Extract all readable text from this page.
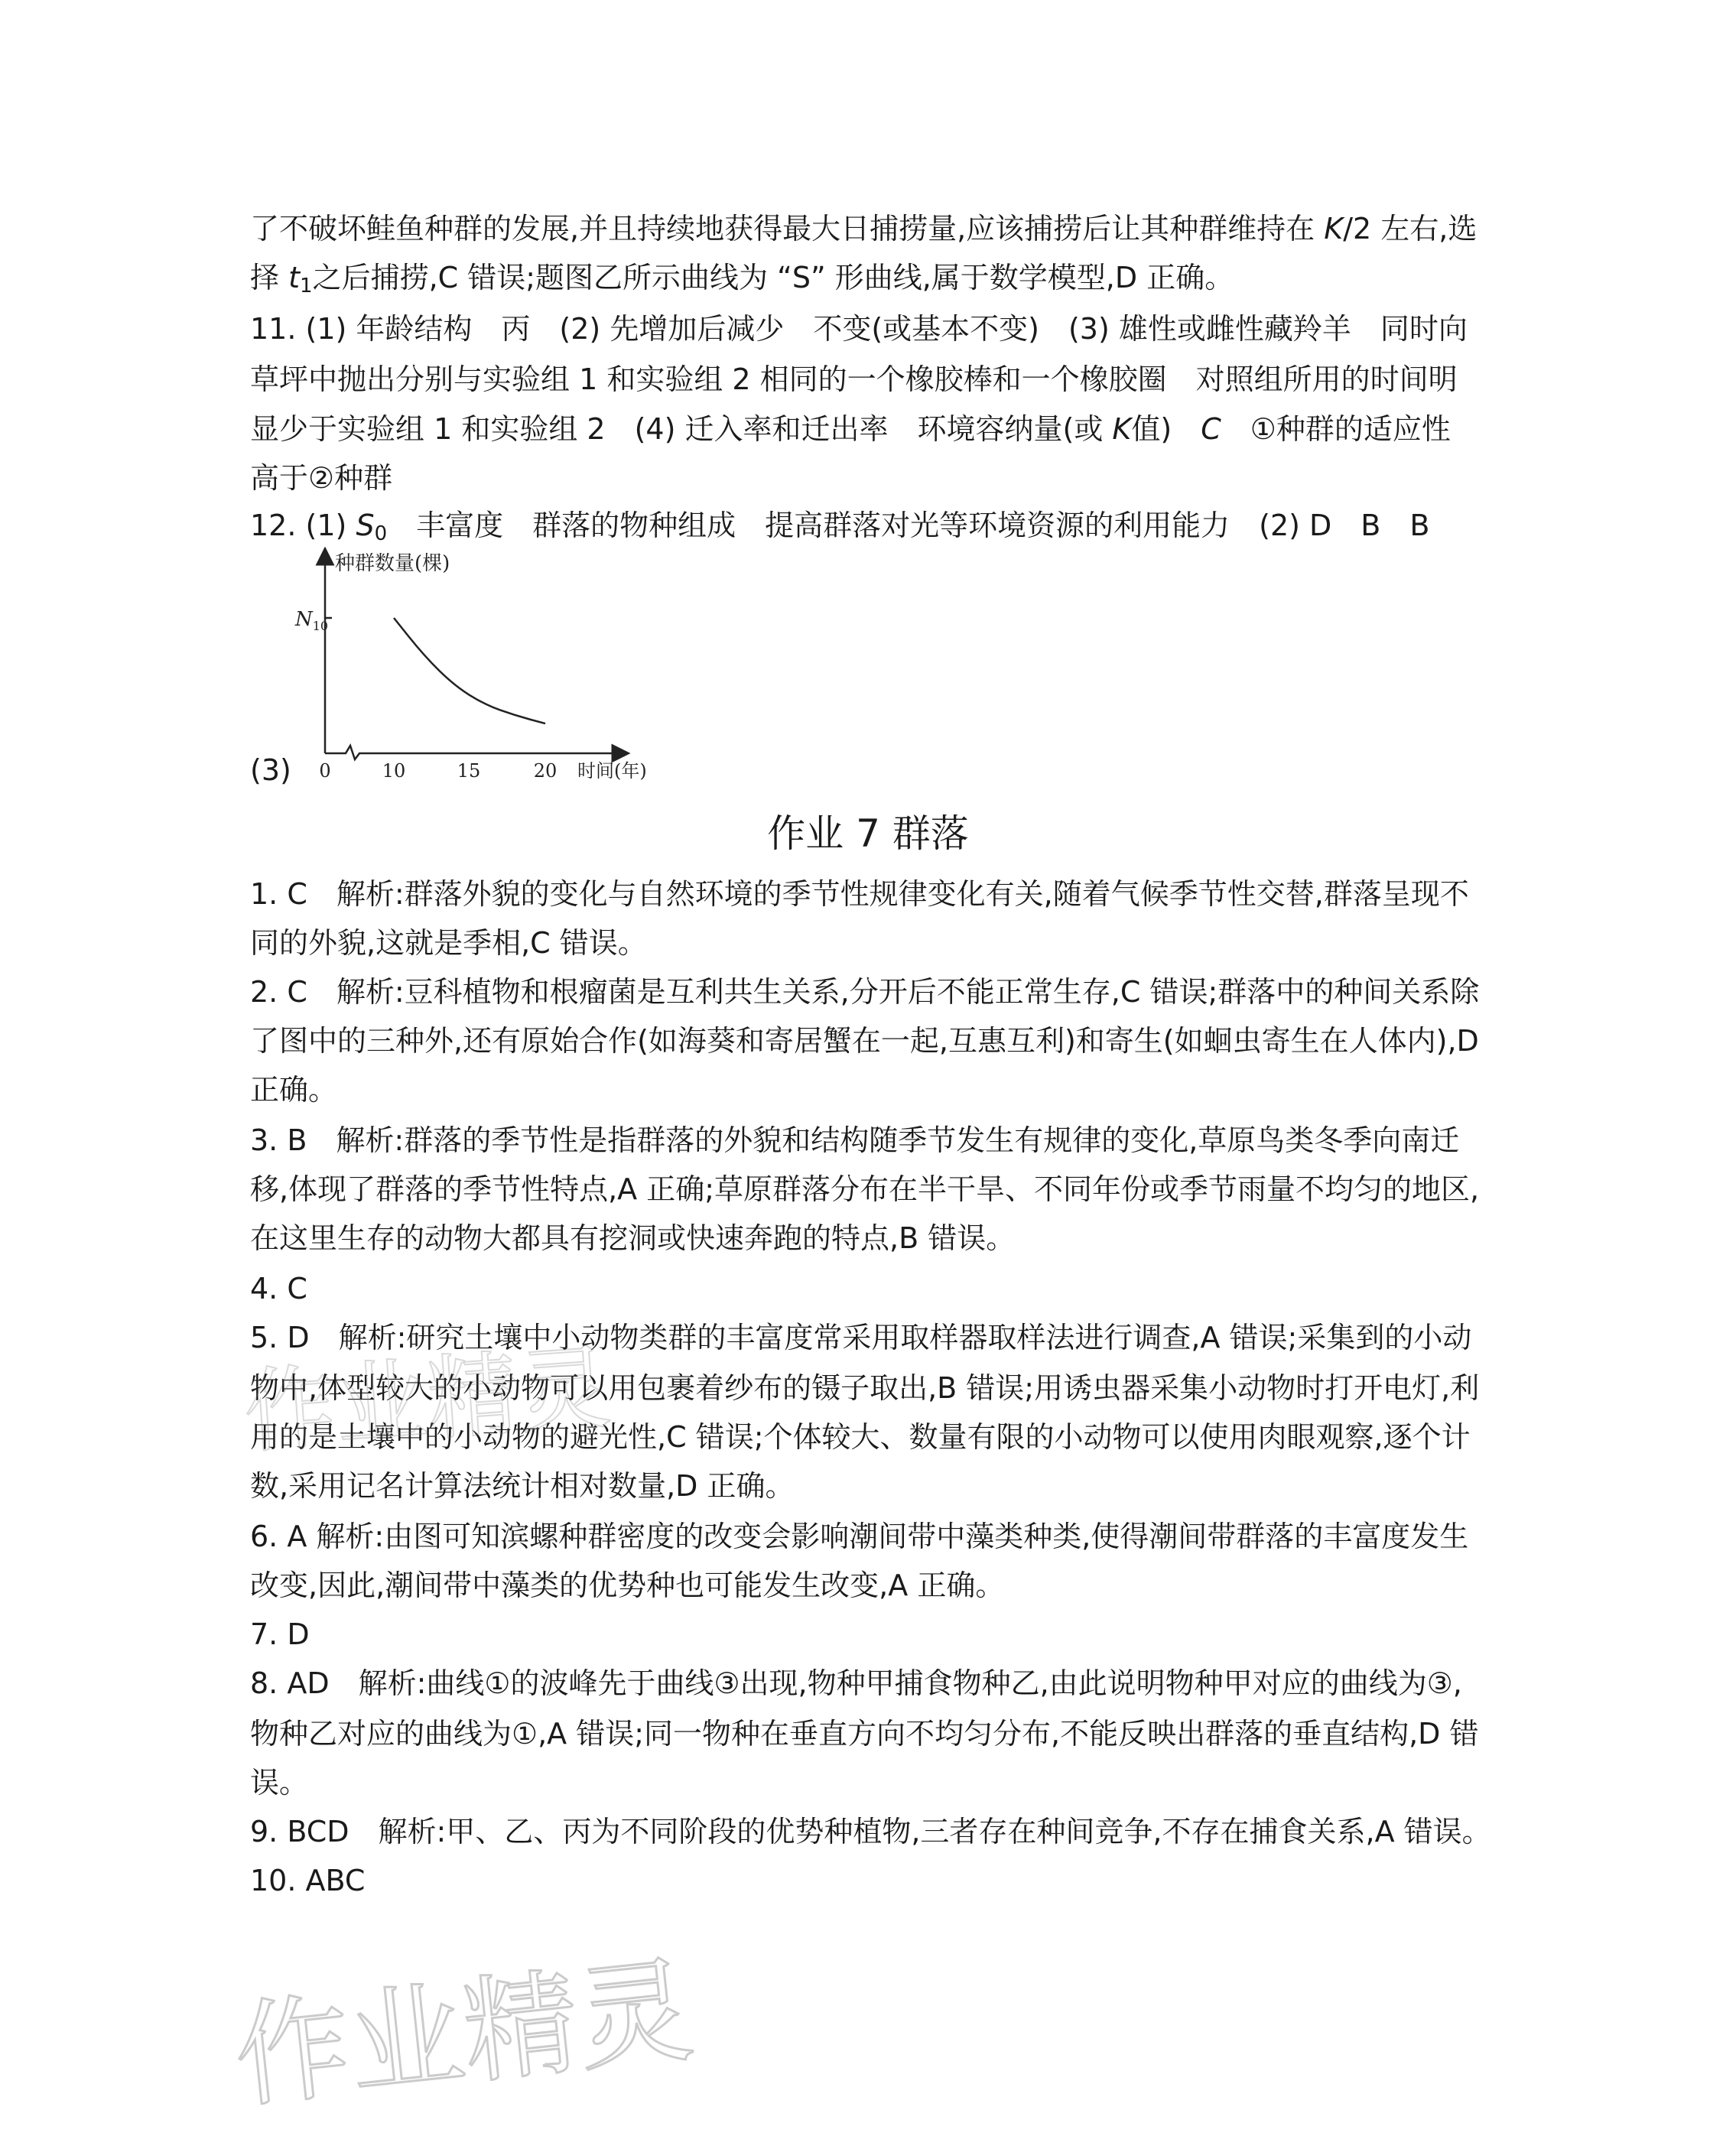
了不破坏鲑鱼种群的发展,并且持续地获得最大日捕捞量,应该捕捞后让其种群维持在 K/2 左右,选
择 $t_1$之后捕捞,C 错误;题图乙所示曲线为 “S” 形曲线,属于数学模型,D 正确。
11. (1) 年龄结构　丙　(2) 先增加后减少　不变(或基本不变)　(3) 雄性或雌性藏羚羊　同时向
草坪中抛出分别与实验组 1 和实验组 2 相同的一个橡胶棒和一个橡胶圈　对照组所用的时间明
显少于实验组 1 和实验组 2　(4) 迁入率和迁出率　环境容纳量(或 K值)　 C　 ①种群的适应性
高于②种群
12. (1) $S_0$　 丰富度　群落的物种组成　提高群落对光等环境资源的利用能力　(2) D　B　B
(3)
种群数量(棵)
$N_{10}$
0	10	15	20 时间(年)
作业 7 群落
1. C　解析:群落外貌的变化与自然环境的季节性规律变化有关,随着气候季节性交替,群落呈现不
同的外貌,这就是季相,C 错误。
2. C　解析:豆科植物和根瘤菌是互利共生关系,分开后不能正常生存,C 错误;群落中的种间关系除
了图中的三种外,还有原始合作(如海葵和寄居蟹在一起,互惠互利)和寄生(如蛔虫寄生在人体内),D
正确。
3. B　解析:群落的季节性是指群落的外貌和结构随季节发生有规律的变化,草原鸟类冬季向南迁
移,体现了群落的季节性特点,A 正确;草原群落分布在半干旱、不同年份或季节雨量不均匀的地区,
在这里生存的动物大都具有挖洞或快速奔跑的特点,B 错误。
4. C
5. D　解析:研究土壤中小动物类群的丰富度常采用取样器取样法进行调查,A 错误;采集到的小动
物中,体型较大的小动物可以用包裹着纱布的镊子取出,B 错误;用诱虫器采集小动物时打开电灯,利
用的是土壤中的小动物的避光性,C 错误;个体较大、数量有限的小动物可以使用肉眼观察,逐个计
数,采用记名计算法统计相对数量,D 正确。
6. A 解析:由图可知滨螺种群密度的改变会影响潮间带中藻类种类,使得潮间带群落的丰富度发生
改变,因此,潮间带中藻类的优势种也可能发生改变,A 正确。
7. D
8. AD　解析:曲线①的波峰先于曲线③出现,物种甲捕食物种乙,由此说明物种甲对应的曲线为③,
物种乙对应的曲线为①,A 错误;同一物种在垂直方向不均匀分布,不能反映出群落的垂直结构,D 错
误。
9. BCD　解析:甲、乙、丙为不同阶段的优势种植物,三者存在种间竞争,不存在捕食关系,A 错误。
10. ABC
作业精灵
作业精灵
